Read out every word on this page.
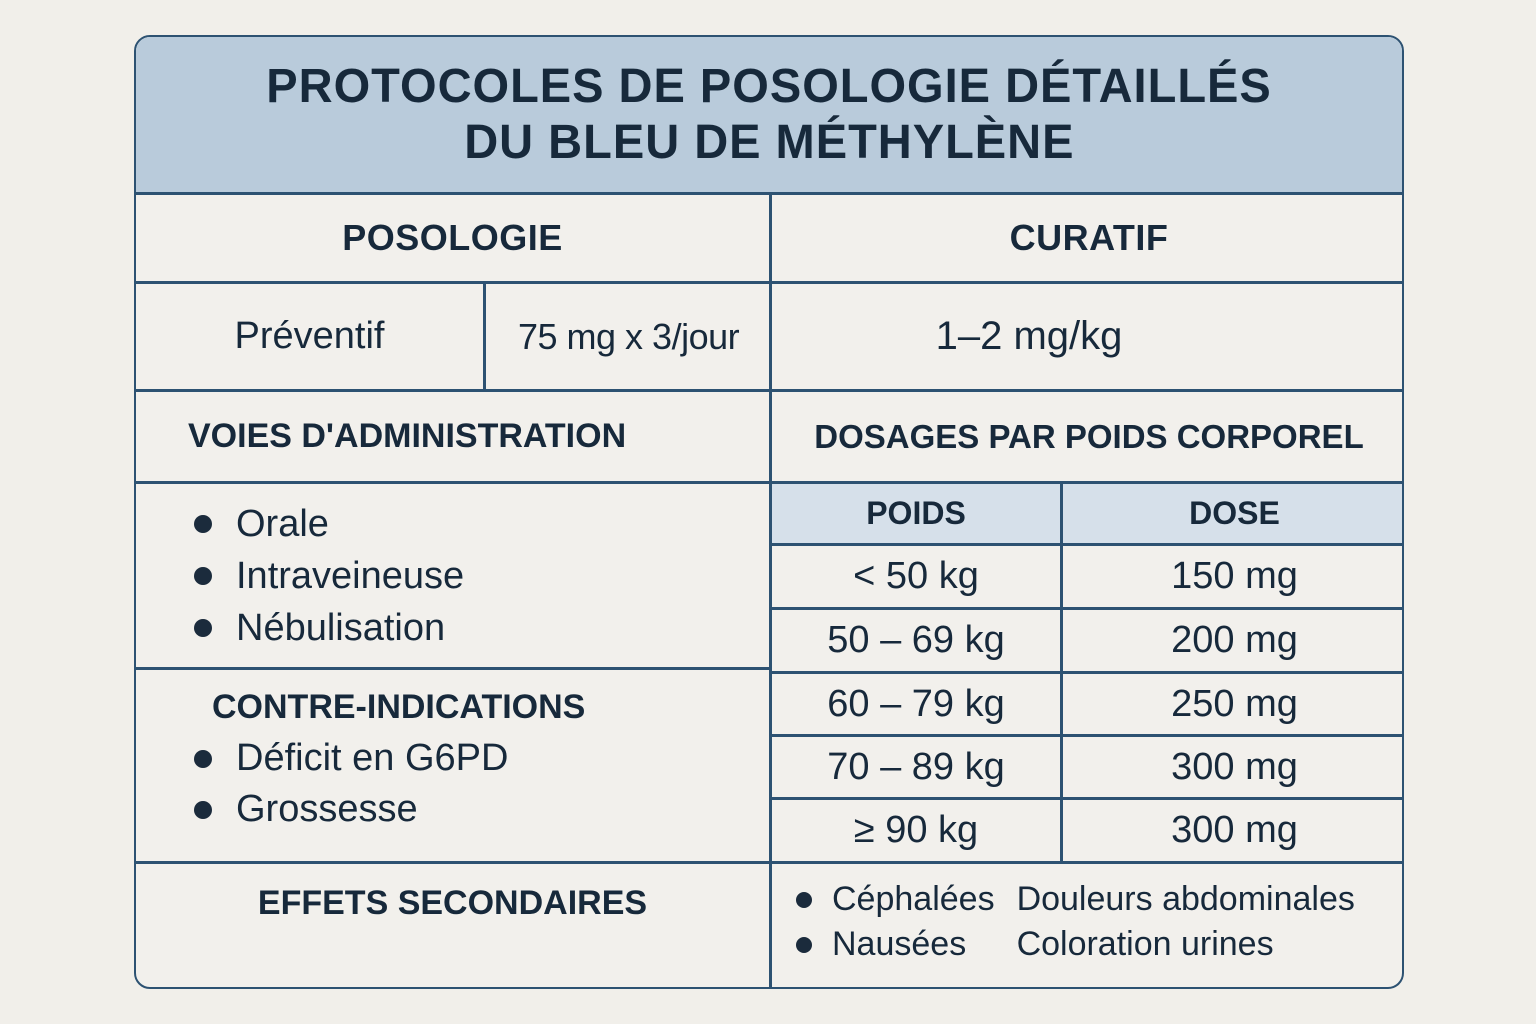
PROTOCOLES DE POSOLOGIE DÉTAILLÉS
DU BLEU DE MÉTHYLÈNE
POSOLOGIE	CURATIF
Préventif	75 mg x 3/jour	1–2 mg/kg
VOIES D'ADMINISTRATION	DOSAGES PAR POIDS CORPOREL
Orale
Intraveineuse
Nébulisation
CONTRE-INDICATIONS
Déficit en G6PD
Grossesse
POIDS	DOSE
< 50 kg	150 mg
50 – 69 kg	200 mg
60 – 79 kg	250 mg
70 – 89 kg	300 mg
≥ 90 kg	300 mg
EFFETS SECONDAIRES	Céphalées Douleurs abdominales
Nausées Coloration urines
